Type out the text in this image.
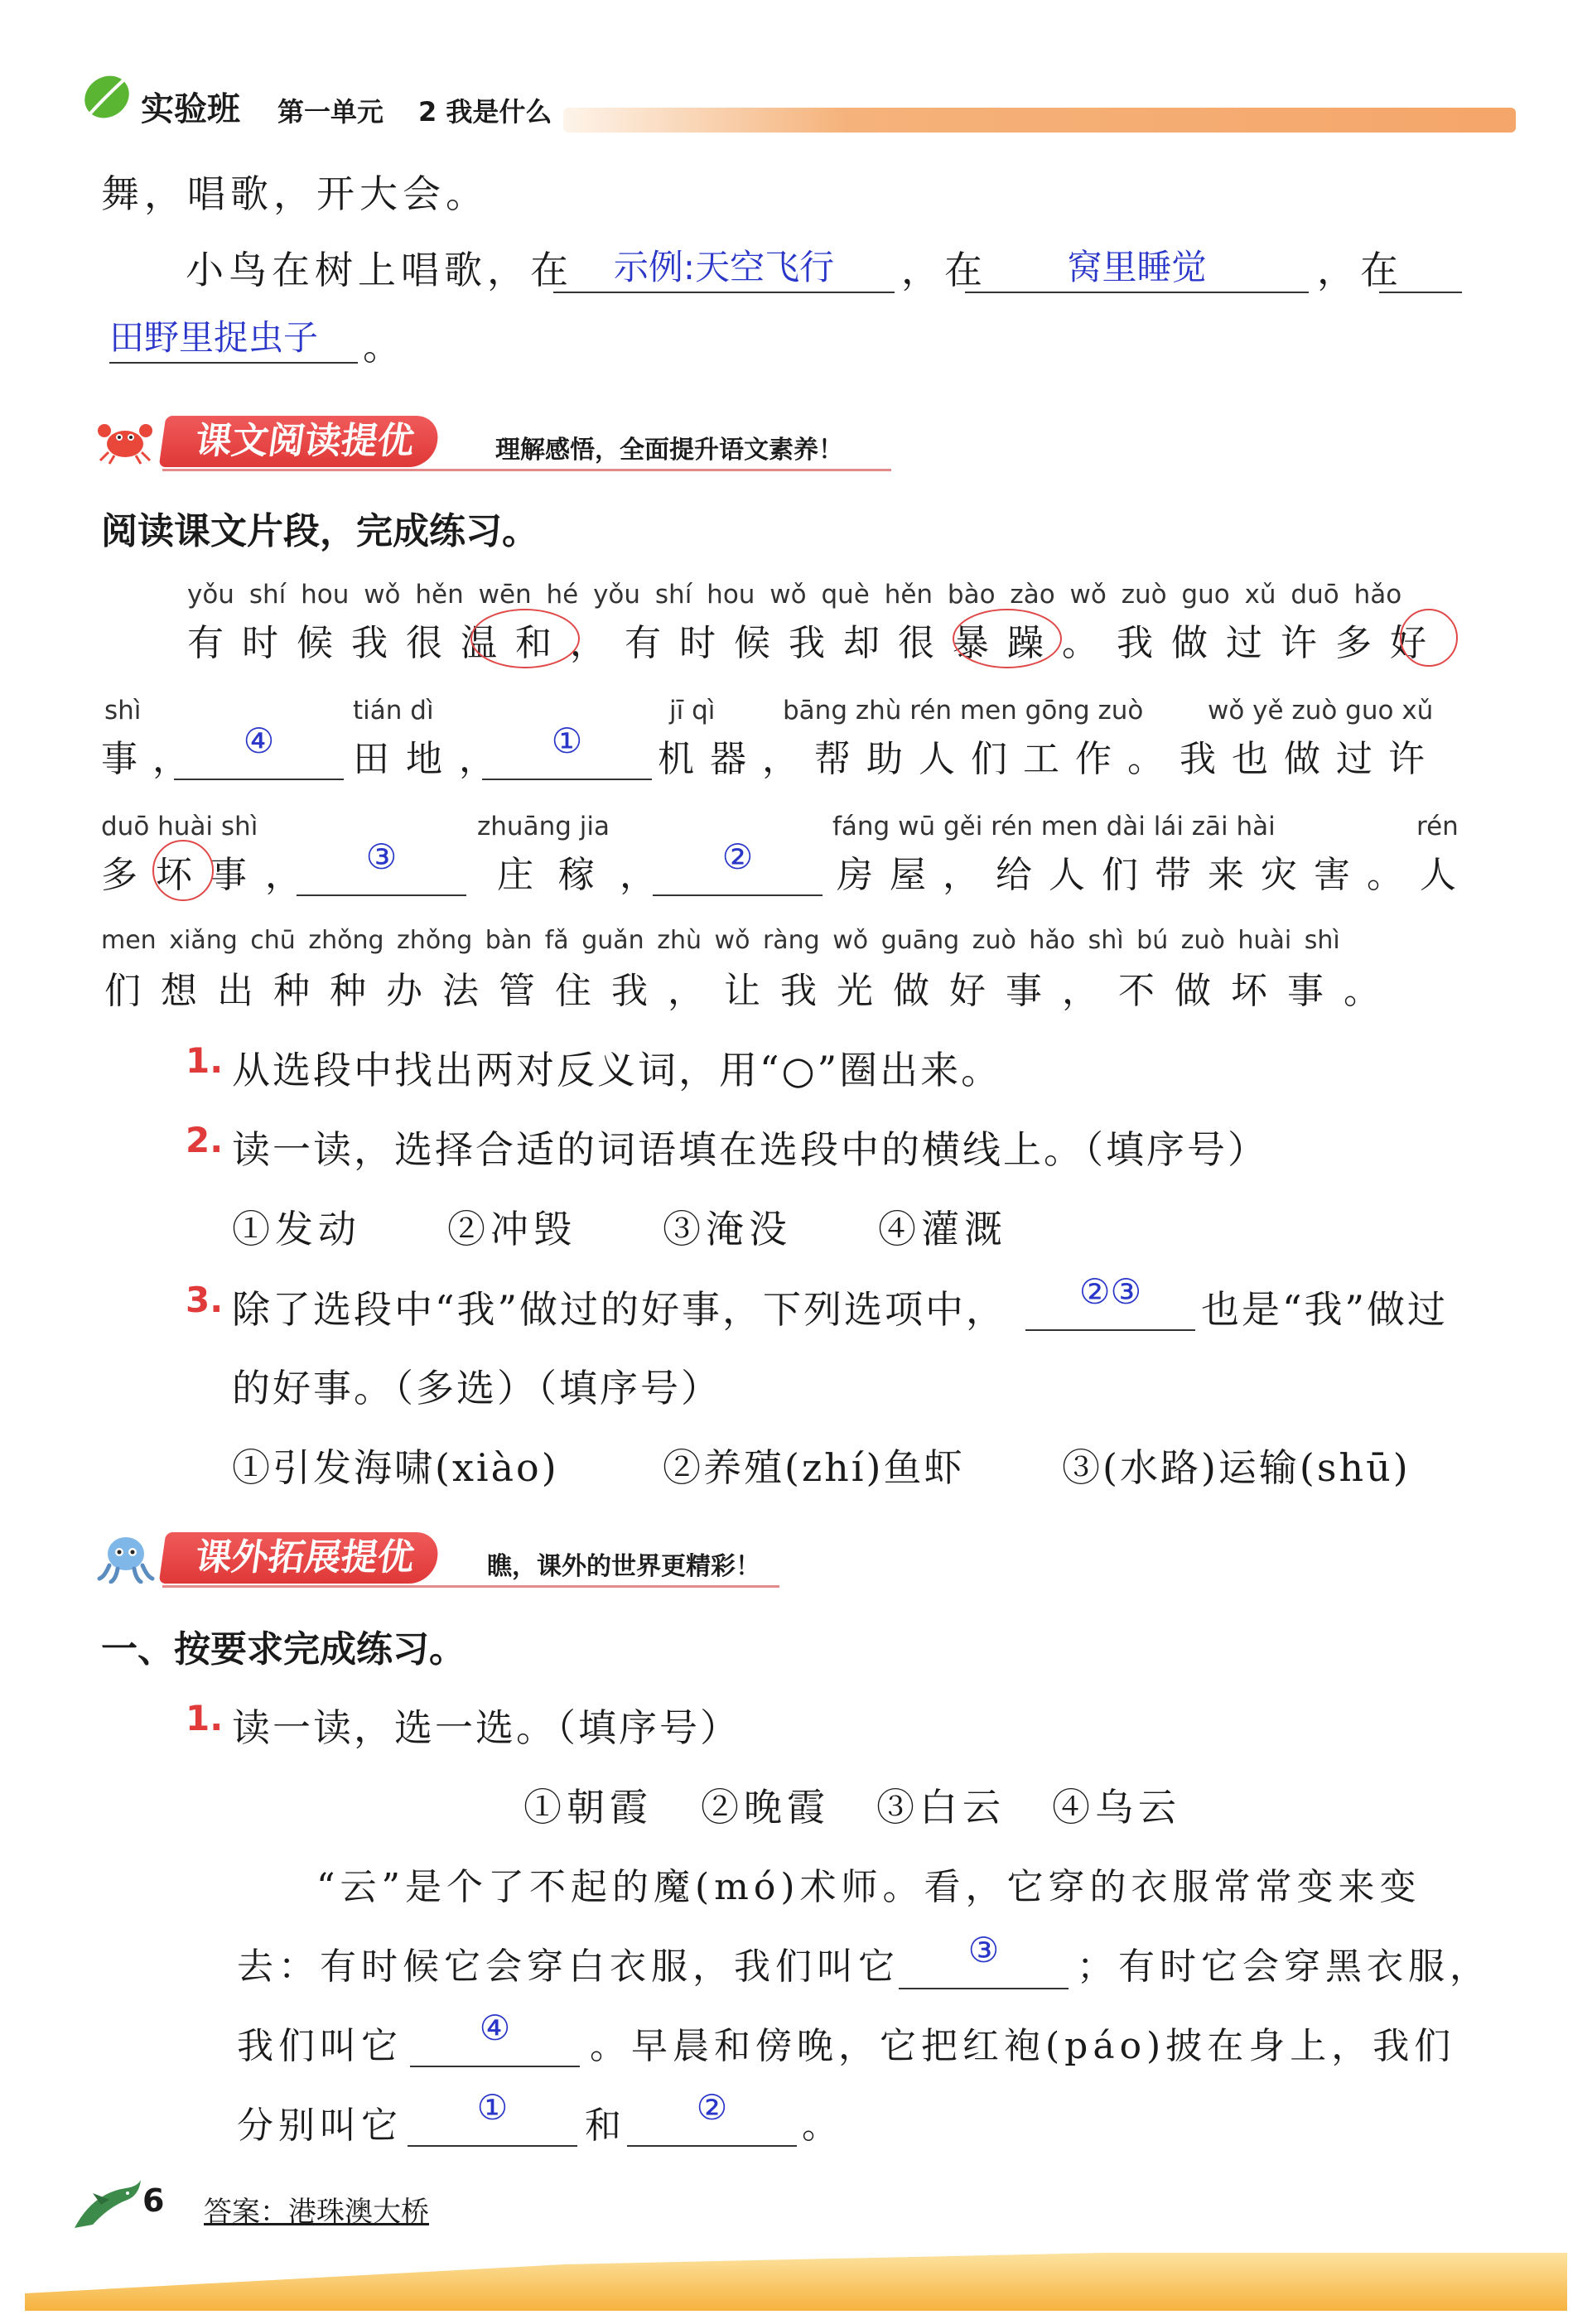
实验班 第一单元 2 我是什么
舞，唱歌，开大会。
小鸟在树上唱歌，在	示例:天空飞行	，在	窝里睡觉	，在
田野里捉虫子	。
课文阅读提优	理解感悟，全面提升语文素养！
阅读课文片段，完成练习。
yǒu shí hou wǒ hěn wēn hé yǒu shí hou wǒ què hěn bào zào wǒ zuò guo xǔ duō hǎo
有时候我很温和，有时候我却很暴躁。我做过许多好
shì	tián dì	jī qì	bāng zhù rén men gōng zuò	wǒ yě zuò guo xǔ
事，	④	田地，	①	机器，帮助人们工作。我也做过许
duō huài shì	zhuāng jia	fáng wū gěi rén men dài lái zāi hài	rén
多坏事，	③	庄稼，	②	房屋，给人们带来灾害。人
men xiǎng chū zhǒng zhǒng bàn fǎ guǎn zhù wǒ ràng wǒ guāng zuò hǎo shì bú zuò huài shì
们想出种种办法管住我，让我光做好事，不做坏事。
1. 从选段中找出两对反义词，用“○”圈出来。
2. 读一读，选择合适的词语填在选段中的横线上。（填序号）
①发动 ②冲毁 ③淹没 ④灌溉
3. 除了选段中“我”做过的好事，下列选项中，	②③	也是“我”做过
的好事。（多选）（填序号）
①引发海啸(xiào)	②养殖(zhí)鱼虾	③(水路)运输(shū)
课外拓展提优	瞧，课外的世界更精彩！
一、按要求完成练习。
1. 读一读，选一选。（填序号）
①朝霞 ②晚霞 ③白云 ④乌云
“云”是个了不起的魔(mó)术师。看，它穿的衣服常常变来变
去：有时候它会穿白衣服，我们叫它	③	；有时它会穿黑衣服，
我们叫它	④	。早晨和傍晚，它把红袍(páo)披在身上，我们
分别叫它	①	和	②	。
6 答案：港珠澳大桥
